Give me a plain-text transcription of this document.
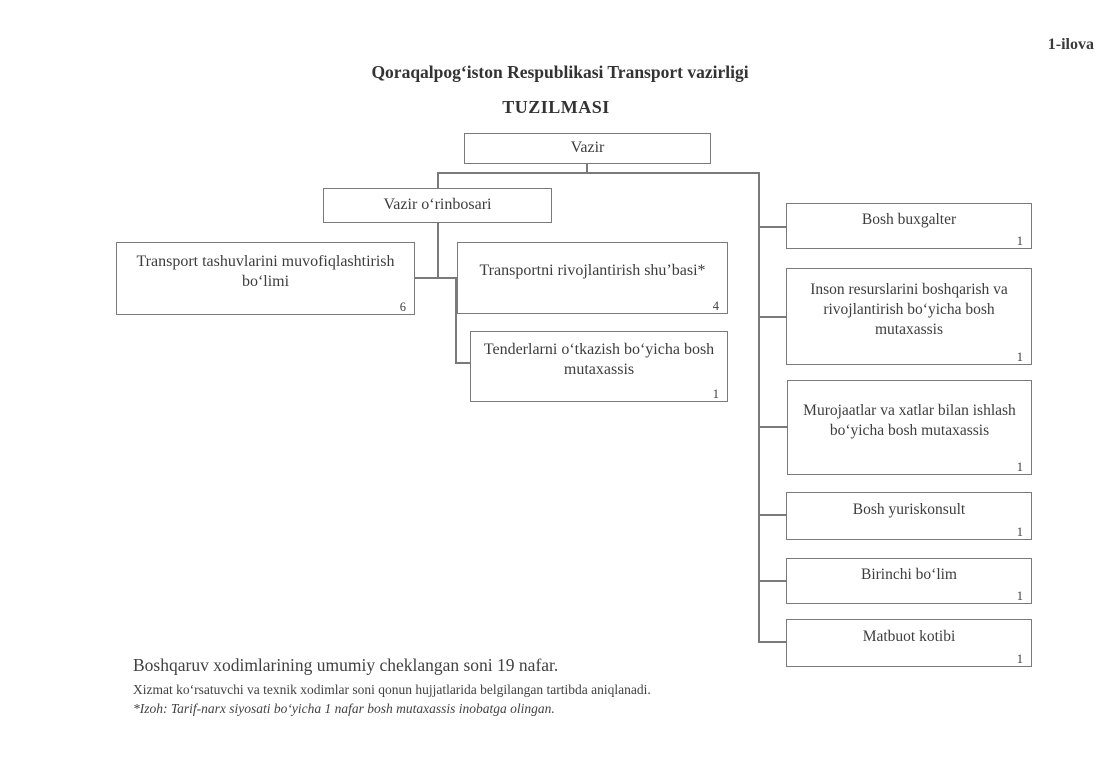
1-ilova
Qoraqalpog‘iston Respublikasi Transport vazirligi
TUZILMASI
Vazir
Vazir o‘rinbosari
Transport tashuvlarini muvofiqlashtirish bo‘limi
6
Transportni rivojlantirish shu’basi*
4
Tenderlarni o‘tkazish bo‘yicha bosh mutaxassis
1
Bosh buxgalter
1
Inson resurslarini boshqarish va rivojlantirish bo‘yicha bosh mutaxassis
1
Murojaatlar va xatlar bilan ishlash bo‘yicha bosh mutaxassis
1
Bosh yuriskonsult
1
Birinchi bo‘lim
1
Matbuot kotibi
1

Boshqaruv xodimlarining umumiy cheklangan soni 19 nafar.

Xizmat ko‘rsatuvchi va texnik xodimlar soni qonun hujjatlarida belgilangan tartibda aniqlanadi.

*Izoh: Tarif-narx siyosati bo‘yicha 1 nafar bosh mutaxassis inobatga olingan.
